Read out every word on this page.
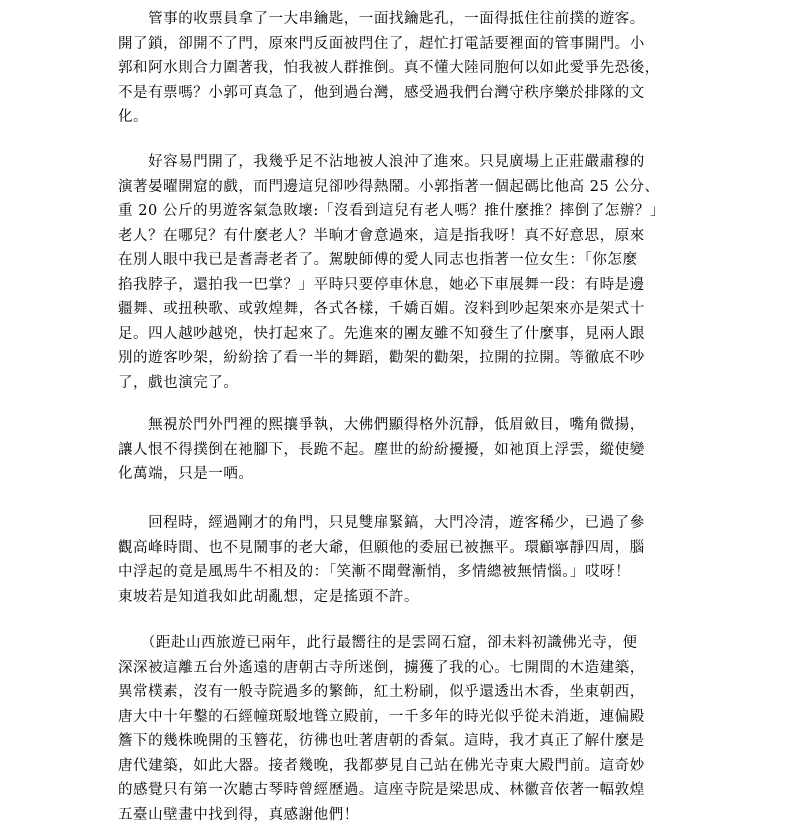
　　管事的收票員拿了一大串鑰匙，一面找鑰匙孔，一面得抵住往前撲的遊客。
開了鎖，卻開不了門，原來門反面被閂住了，趕忙打電話要裡面的管事開門。小
郭和阿水則合力圍著我，怕我被人群推倒。真不懂大陸同胞何以如此愛爭先恐後，
不是有票嗎？小郭可真急了，他到過台灣，感受過我們台灣守秩序樂於排隊的文
化。
　　好容易門開了，我幾乎足不沾地被人浪沖了進來。只見廣場上正莊嚴肅穆的
演著晏曜開窟的戲，而門邊這兒卻吵得熱鬧。小郭指著一個起碼比他高 25 公分、
重 20 公斤的男遊客氣急敗壞:「沒看到這兒有老人嗎？推什麼推？摔倒了怎辦？」
老人？在哪兒？有什麼老人？半晌才會意過來，這是指我呀！真不好意思，原來
在別人眼中我已是耆壽老者了。駕駛師傅的愛人同志也指著一位女生：「你怎麼
掐我脖子，還拍我一巴掌？」平時只要停車休息，她必下車展舞一段：有時是邊
疆舞、或扭秧歌、或敦煌舞，各式各樣，千嬌百媚。沒料到吵起架來亦是架式十
足。四人越吵越兇，快打起來了。先進來的團友雖不知發生了什麼事，見兩人跟
別的遊客吵架，紛紛捨了看一半的舞蹈，勸架的勸架，拉開的拉開。等徹底不吵
了，戲也演完了。
　　無視於門外門裡的熙攘爭執，大佛們顯得格外沉靜，低眉斂目，嘴角微揚，
讓人恨不得撲倒在祂腳下，長跪不起。塵世的紛紛擾擾，如祂頂上浮雲，縱使變
化萬端，只是一哂。
　　回程時，經過剛才的角門，只見雙扉緊鎬，大門冷清，遊客稀少，已過了參
觀高峰時間、也不見鬧事的老大爺，但願他的委屈已被撫平。環顧寧靜四周，腦
中浮起的竟是風馬牛不相及的：「笑漸不聞聲漸悄，多情總被無情惱。」哎呀！
東坡若是知道我如此胡亂想，定是搖頭不許。
　　（距赴山西旅遊已兩年，此行最嚮往的是雲岡石窟，卻未料初識佛光寺，便
深深被這離五台外遙遠的唐朝古寺所迷倒，擄獲了我的心。七開間的木造建築，
異常樸素，沒有一般寺院過多的繁飾，紅土粉刷，似乎還透出木香，坐東朝西，
唐大中十年鑿的石經幢斑駁地聳立殿前，一千多年的時光似乎從未消逝，連偏殿
簷下的幾株晚開的玉簪花，彷彿也吐著唐朝的香氣。這時，我才真正了解什麼是
唐代建築，如此大器。接者幾晚，我都夢見自己站在佛光寺東大殿門前。這奇妙
的感覺只有第一次聽古琴時曾經歷過。這座寺院是梁思成、林徽音依著一幅敦煌
五臺山壁畫中找到得，真感謝他們！
